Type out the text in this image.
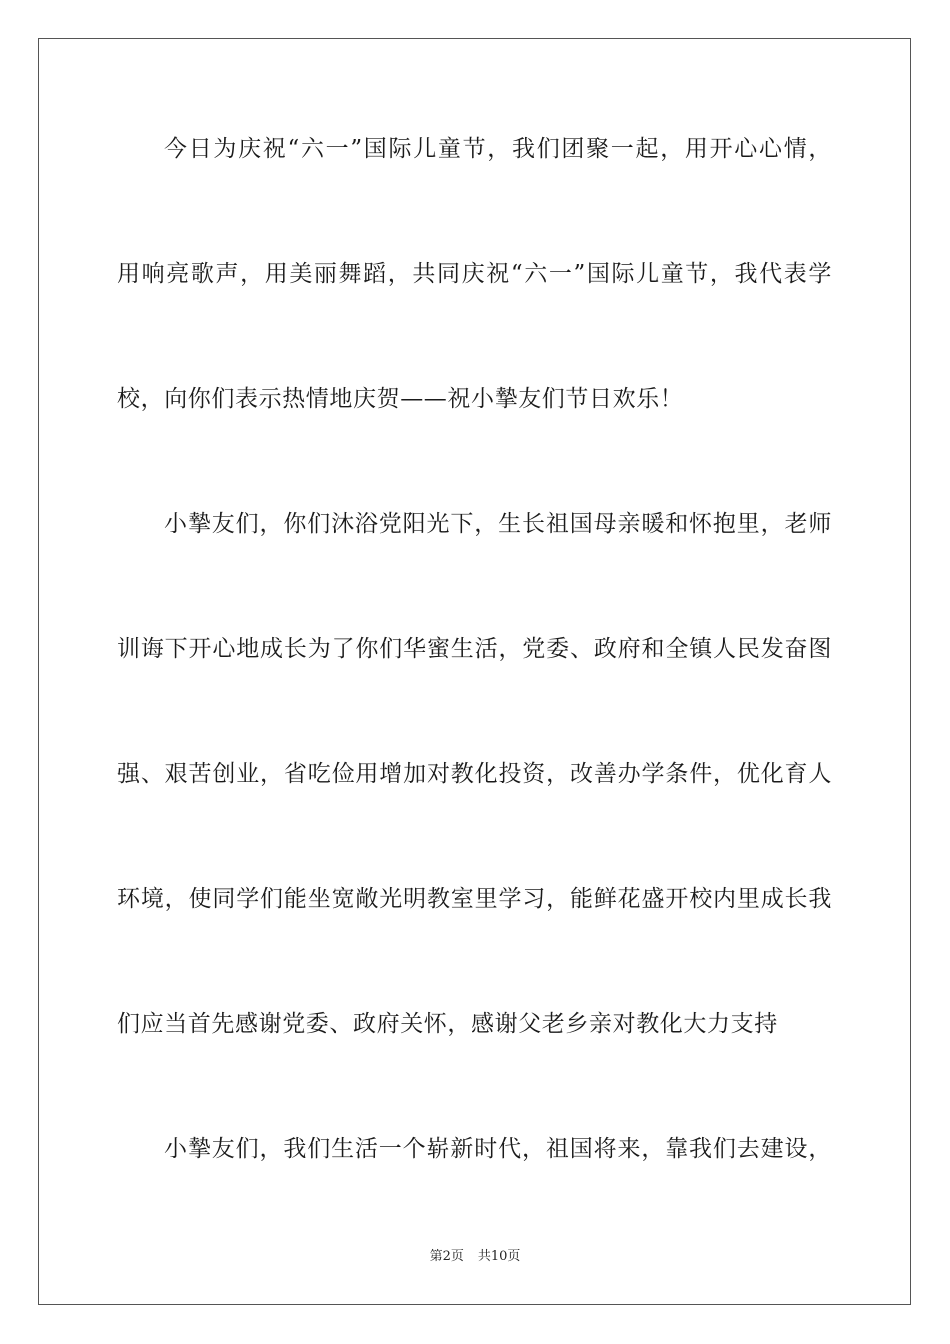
今日为庆祝“六一”国际儿童节，我们团聚一起，用开心心情，
用响亮歌声，用美丽舞蹈，共同庆祝“六一”国际儿童节，我代表学
校，向你们表示热情地庆贺——祝小摯友们节日欢乐！
小摯友们，你们沐浴党阳光下，生长祖国母亲暖和怀抱里，老师
训诲下开心地成长为了你们华蜜生活，党委、政府和全镇人民发奋图
强、艰苦创业，省吃俭用增加对教化投资，改善办学条件，优化育人
环境，使同学们能坐宽敞光明教室里学习，能鲜花盛开校内里成长我
们应当首先感谢党委、政府关怀，感谢父老乡亲对教化大力支持
小摯友们，我们生活一个崭新时代，祖国将来，靠我们去建设，
第2页 共10页
